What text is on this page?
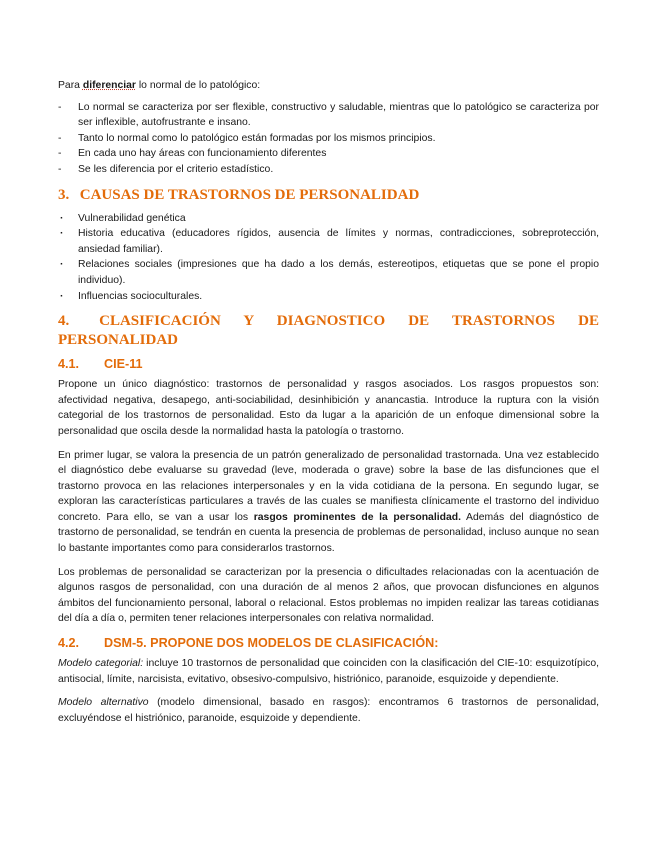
Para diferenciar lo normal de lo patológico:

- Lo normal se caracteriza por ser flexible, constructivo y saludable, mientras que lo patológico se caracteriza por ser inflexible, autofrustrante e insano.
- Tanto lo normal como lo patológico están formadas por los mismos principios.
- En cada uno hay áreas con funcionamiento diferentes
- Se les diferencia por el criterio estadístico.
3. CAUSAS DE TRASTORNOS DE PERSONALIDAD
· Vulnerabilidad genética
· Historia educativa (educadores rígidos, ausencia de límites y normas, contradicciones, sobreprotección, ansiedad familiar).
· Relaciones sociales (impresiones que ha dado a los demás, estereotipos, etiquetas que se pone el propio individuo).
· Influencias socioculturales.
4. CLASIFICACIÓN Y DIAGNOSTICO DE TRASTORNOS DE PERSONALIDAD
4.1. CIE-11

Propone un único diagnóstico: trastornos de personalidad y rasgos asociados. Los rasgos propuestos son: afectividad negativa, desapego, anti-sociabilidad, desinhibición y anancastia. Introduce la ruptura con la visión categorial de los trastornos de personalidad. Esto da lugar a la aparición de un enfoque dimensional sobre la personalidad que oscila desde la normalidad hasta la patología o trastorno.

En primer lugar, se valora la presencia de un patrón generalizado de personalidad trastornada. Una vez establecido el diagnóstico debe evaluarse su gravedad (leve, moderada o grave) sobre la base de las disfunciones que el trastorno provoca en las relaciones interpersonales y en la vida cotidiana de la persona. En segundo lugar, se exploran las características particulares a través de las cuales se manifiesta clínicamente el trastorno del individuo concreto. Para ello, se van a usar los rasgos prominentes de la personalidad. Además del diagnóstico de trastorno de personalidad, se tendrán en cuenta la presencia de problemas de personalidad, incluso aunque no sean lo bastante importantes como para considerarlos trastornos.

Los problemas de personalidad se caracterizan por la presencia o dificultades relacionadas con la acentuación de algunos rasgos de personalidad, con una duración de al menos 2 años, que provocan disfunciones en algunos ámbitos del funcionamiento personal, laboral o relacional. Estos problemas no impiden realizar las tareas cotidianas del día a día o, permiten tener relaciones interpersonales con relativa normalidad.

4.2. DSM-5. PROPONE DOS MODELOS DE CLASIFICACIÓN:

Modelo categorial: incluye 10 trastornos de personalidad que coinciden con la clasificación del CIE-10: esquizotípico, antisocial, límite, narcisista, evitativo, obsesivo-compulsivo, histriónico, paranoide, esquizoide y dependiente.

Modelo alternativo (modelo dimensional, basado en rasgos): encontramos 6 trastornos de personalidad, excluyéndose el histriónico, paranoide, esquizoide y dependiente.
